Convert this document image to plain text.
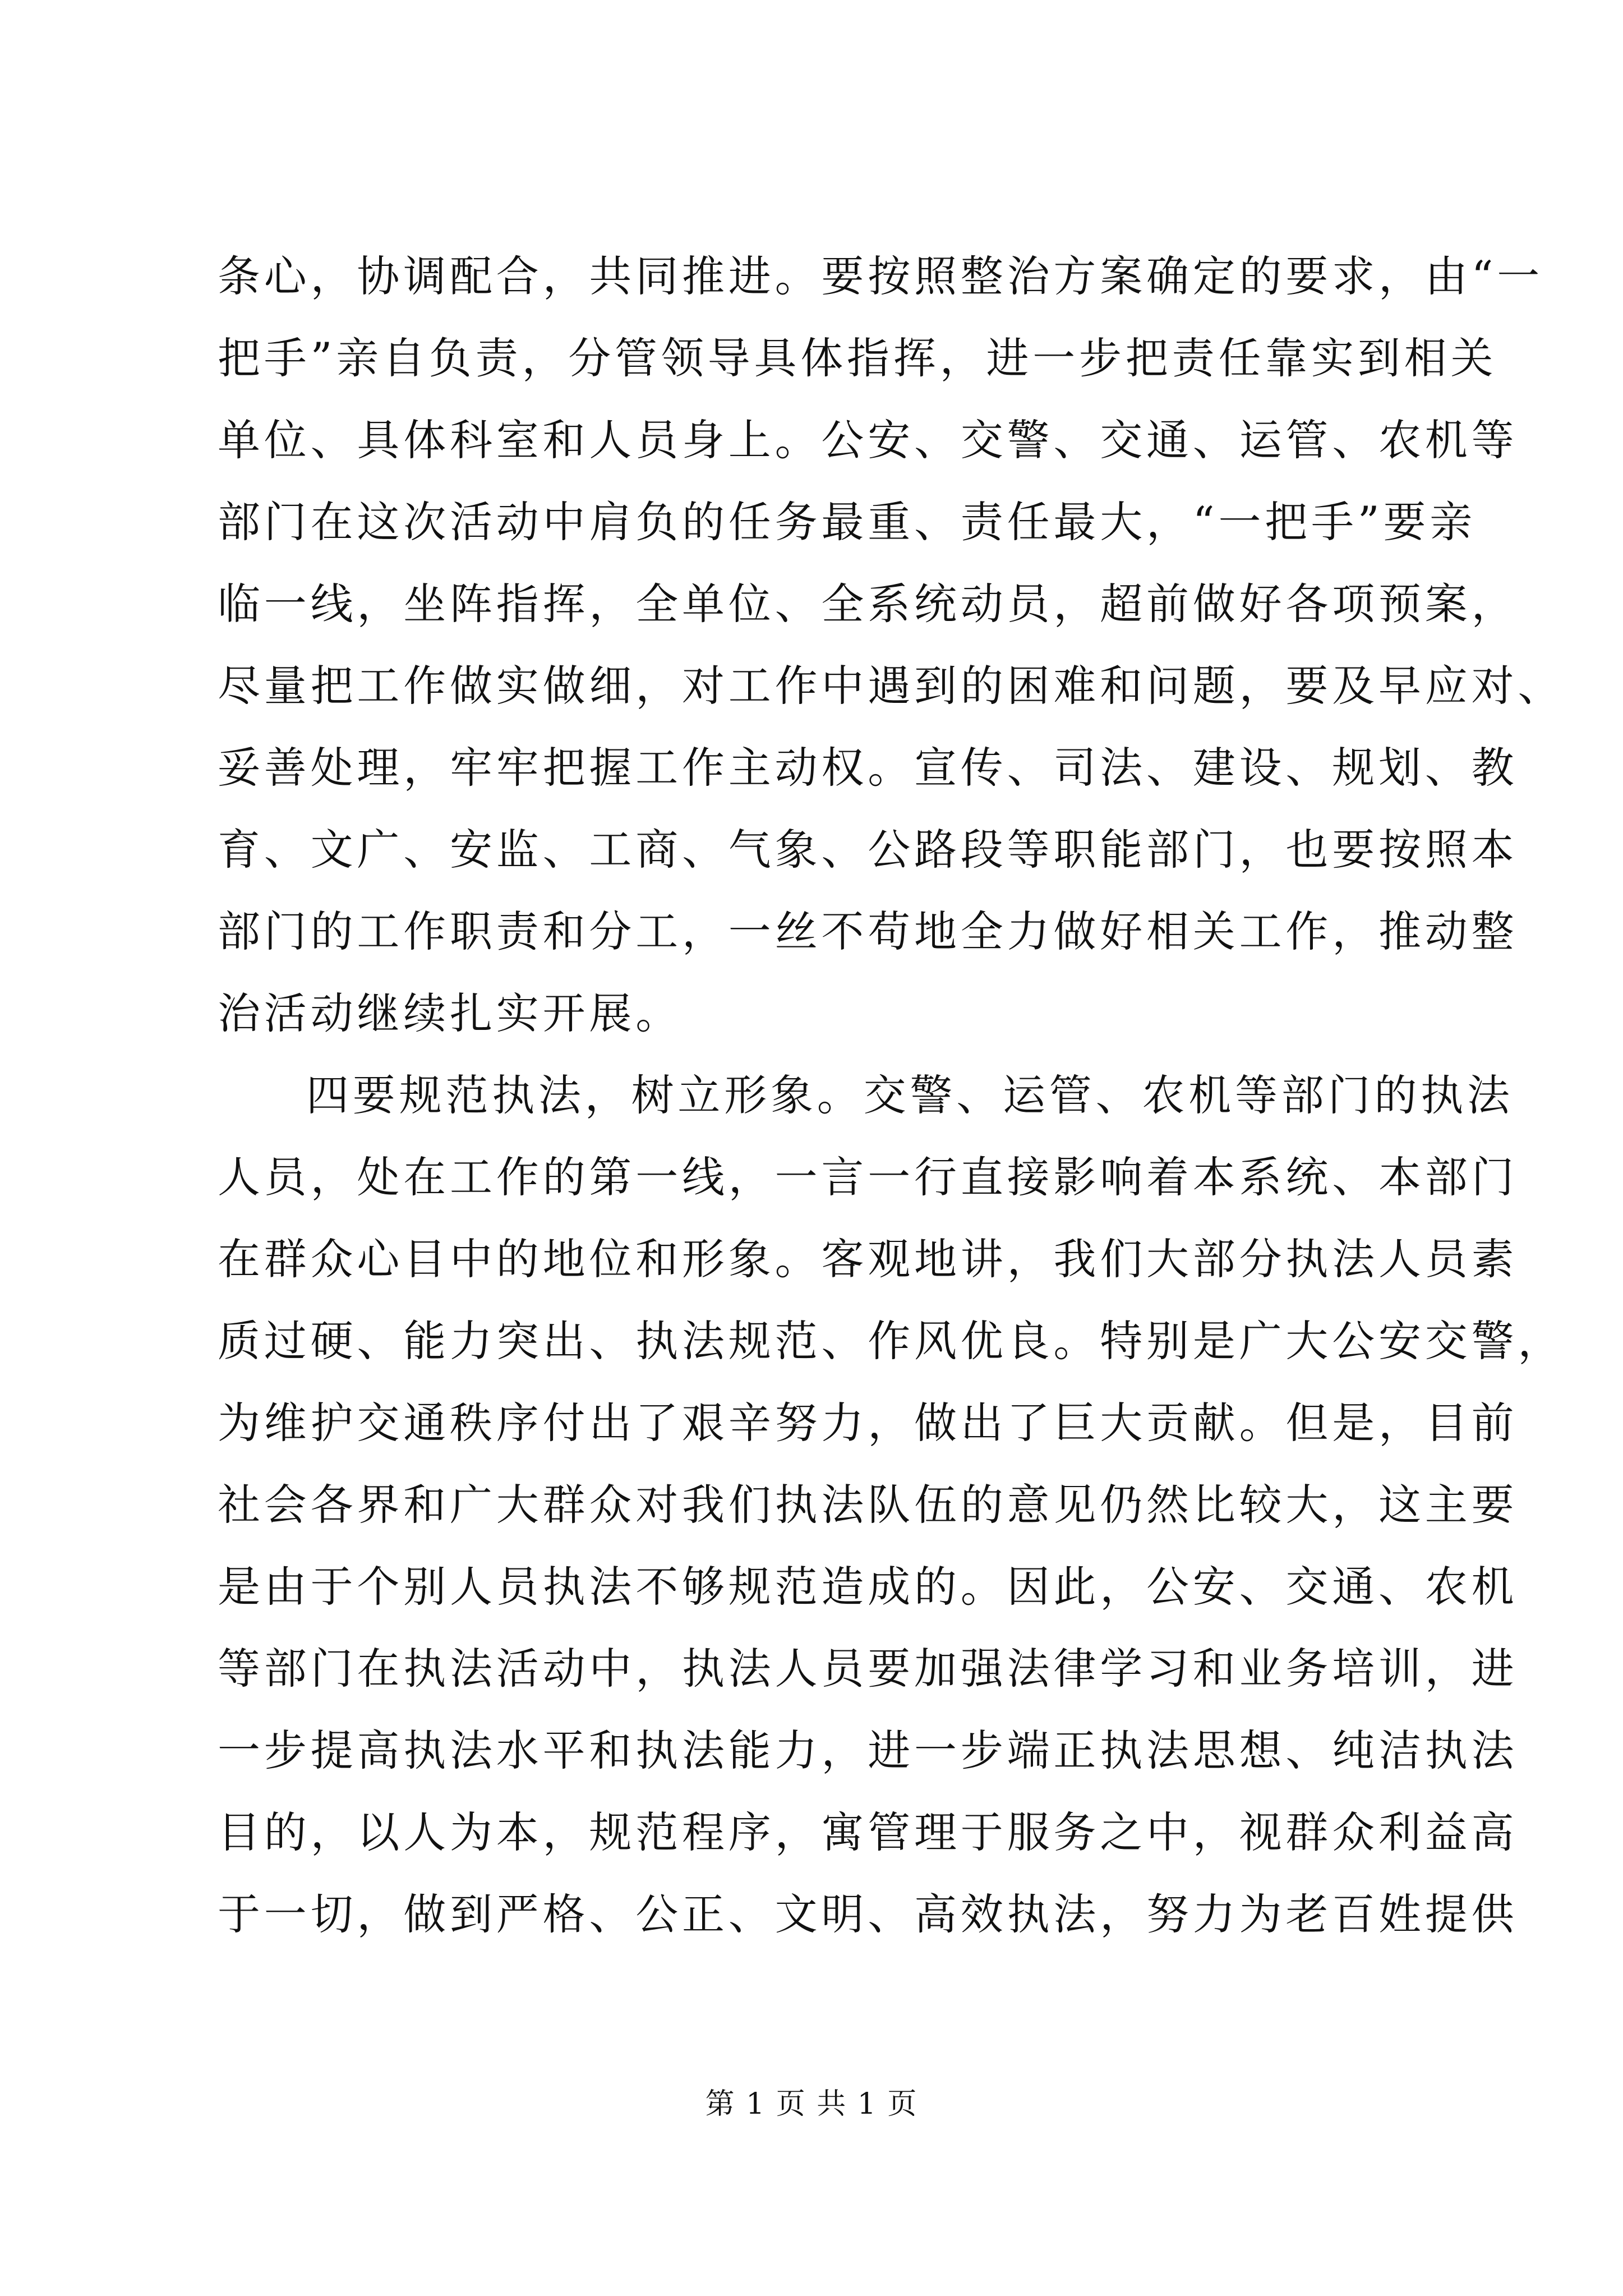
条心，协调配合，共同推进。要按照整治方案确定的要求，由“一
把手”亲自负责，分管领导具体指挥，进一步把责任靠实到相关
单位、具体科室和人员身上。公安、交警、交通、运管、农机等
部门在这次活动中肩负的任务最重、责任最大，“一把手”要亲
临一线，坐阵指挥，全单位、全系统动员，超前做好各项预案，
尽量把工作做实做细，对工作中遇到的困难和问题，要及早应对、
妥善处理，牢牢把握工作主动权。宣传、司法、建设、规划、教
育、文广、安监、工商、气象、公路段等职能部门，也要按照本
部门的工作职责和分工，一丝不苟地全力做好相关工作，推动整
治活动继续扎实开展。
四要规范执法，树立形象。交警、运管、农机等部门的执法
人员，处在工作的第一线，一言一行直接影响着本系统、本部门
在群众心目中的地位和形象。客观地讲，我们大部分执法人员素
质过硬、能力突出、执法规范、作风优良。特别是广大公安交警，
为维护交通秩序付出了艰辛努力，做出了巨大贡献。但是，目前
社会各界和广大群众对我们执法队伍的意见仍然比较大，这主要
是由于个别人员执法不够规范造成的。因此，公安、交通、农机
等部门在执法活动中，执法人员要加强法律学习和业务培训，进
一步提高执法水平和执法能力，进一步端正执法思想、纯洁执法
目的，以人为本，规范程序，寓管理于服务之中，视群众利益高
于一切，做到严格、公正、文明、高效执法，努力为老百姓提供
第 1 页 共 1 页
